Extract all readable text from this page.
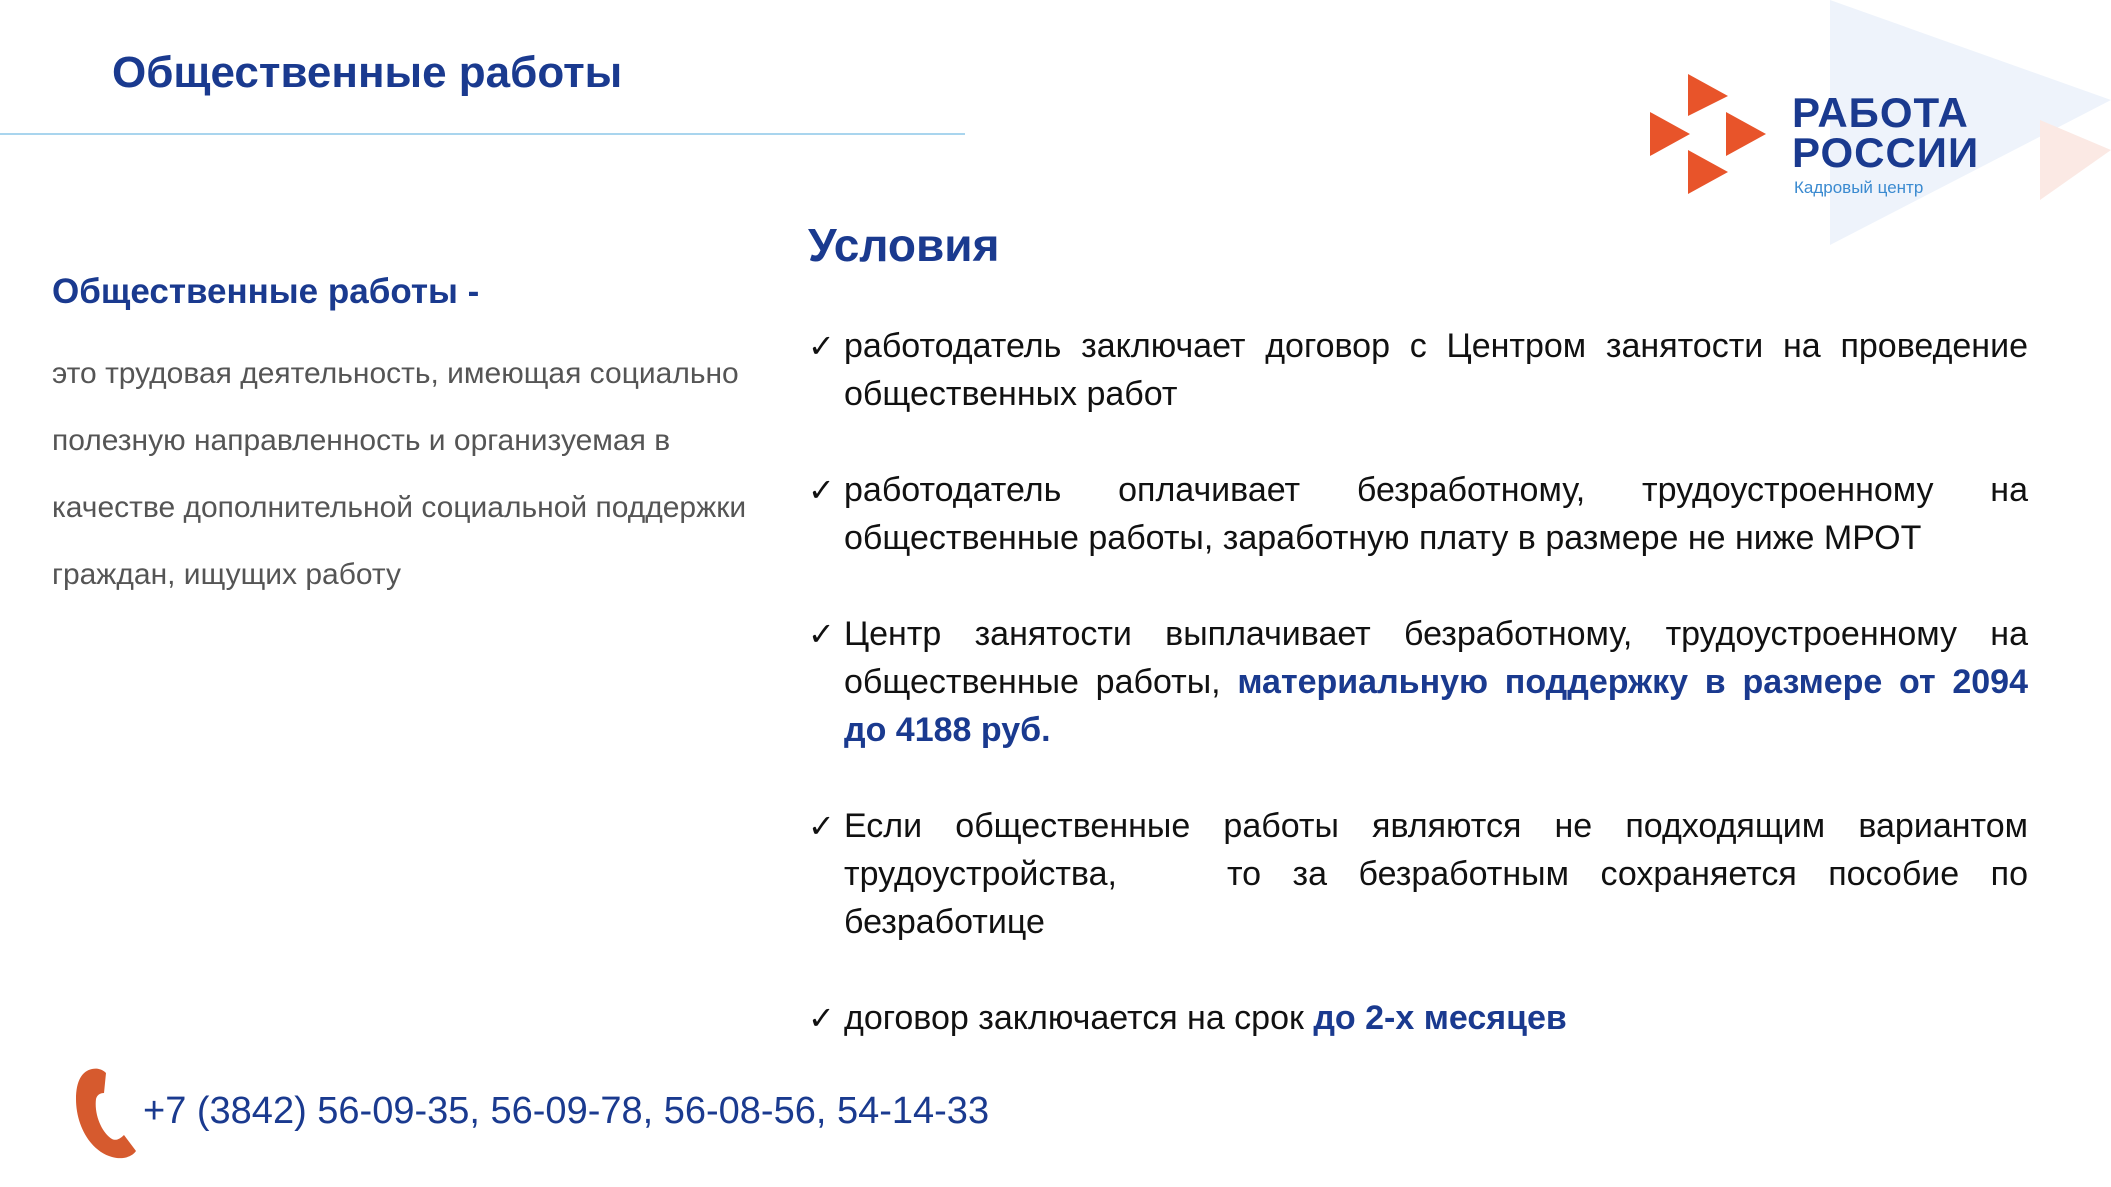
Общественные работы
РАБОТА
РОССИИ
Кадровый центр
Общественные работы -
это трудовая деятельность, имеющая социально полезную направленность и организуемая в качестве дополнительной социальной поддержки граждан, ищущих работу
Условия
✓ работодатель заключает договор с Центром занятости на проведение общественных работ
✓ работодатель оплачивает безработному, трудоустроенному на общественные работы, заработную плату в размере не ниже МРОТ
✓ Центр занятости выплачивает безработному, трудоустроенному на общественные работы, материальную поддержку в размере от 2094 до 4188 руб.
✓ Если общественные работы являются не подходящим вариантом трудоустройства,	то за безработным сохраняется пособие по безработице
✓ договор заключается на срок до 2-х месяцев
+7 (3842) 56-09-35, 56-09-78, 56-08-56, 54-14-33
